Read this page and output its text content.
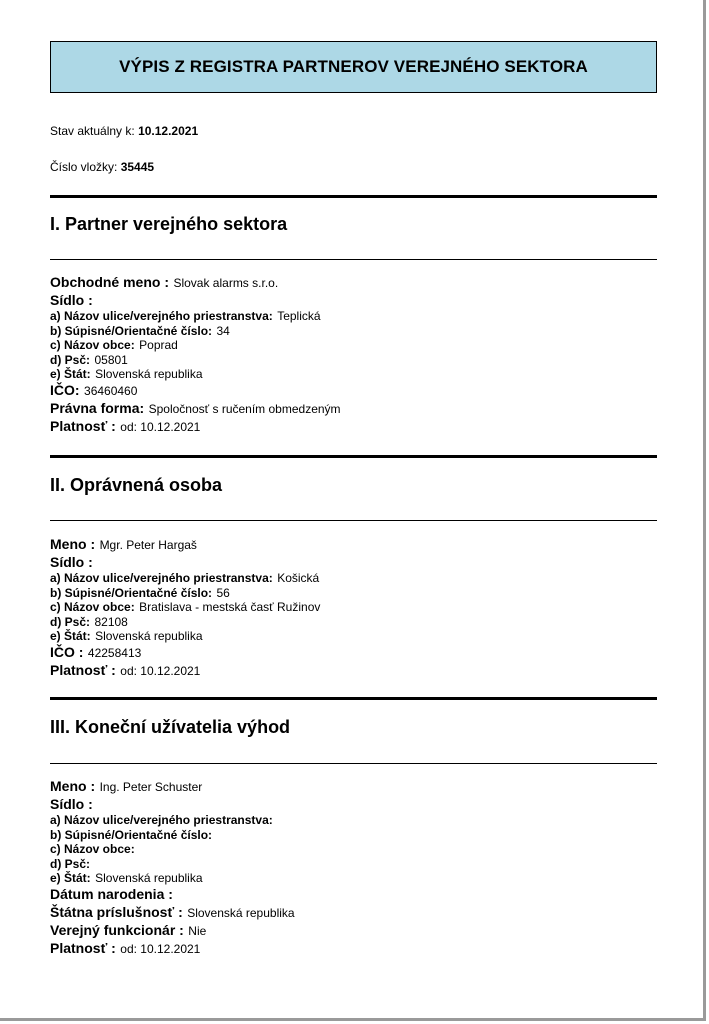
VÝPIS Z REGISTRA PARTNEROV VEREJNÉHO SEKTORA
Stav aktuálny k: 10.12.2021
Číslo vložky: 35445
I. Partner verejného sektora
Obchodné meno : Slovak alarms s.r.o.
Sídlo :
a) Názov ulice/verejného priestranstva: Teplická
b) Súpisné/Orientačné číslo: 34
c) Názov obce: Poprad
d) Psč: 05801
e) Štát: Slovenská republika
IČO: 36460460
Právna forma: Spoločnosť s ručením obmedzeným
Platnosť : od: 10.12.2021
II. Oprávnená osoba
Meno : Mgr. Peter Hargaš
Sídlo :
a) Názov ulice/verejného priestranstva: Košická
b) Súpisné/Orientačné číslo: 56
c) Názov obce: Bratislava - mestská časť Ružinov
d) Psč: 82108
e) Štát: Slovenská republika
IČO : 42258413
Platnosť : od: 10.12.2021
III. Koneční užívatelia výhod
Meno : Ing. Peter Schuster
Sídlo :
a) Názov ulice/verejného priestranstva:
b) Súpisné/Orientačné číslo:
c) Názov obce:
d) Psč:
e) Štát: Slovenská republika
Dátum narodenia :
Štátna príslušnosť : Slovenská republika
Verejný funkcionár : Nie
Platnosť : od: 10.12.2021
